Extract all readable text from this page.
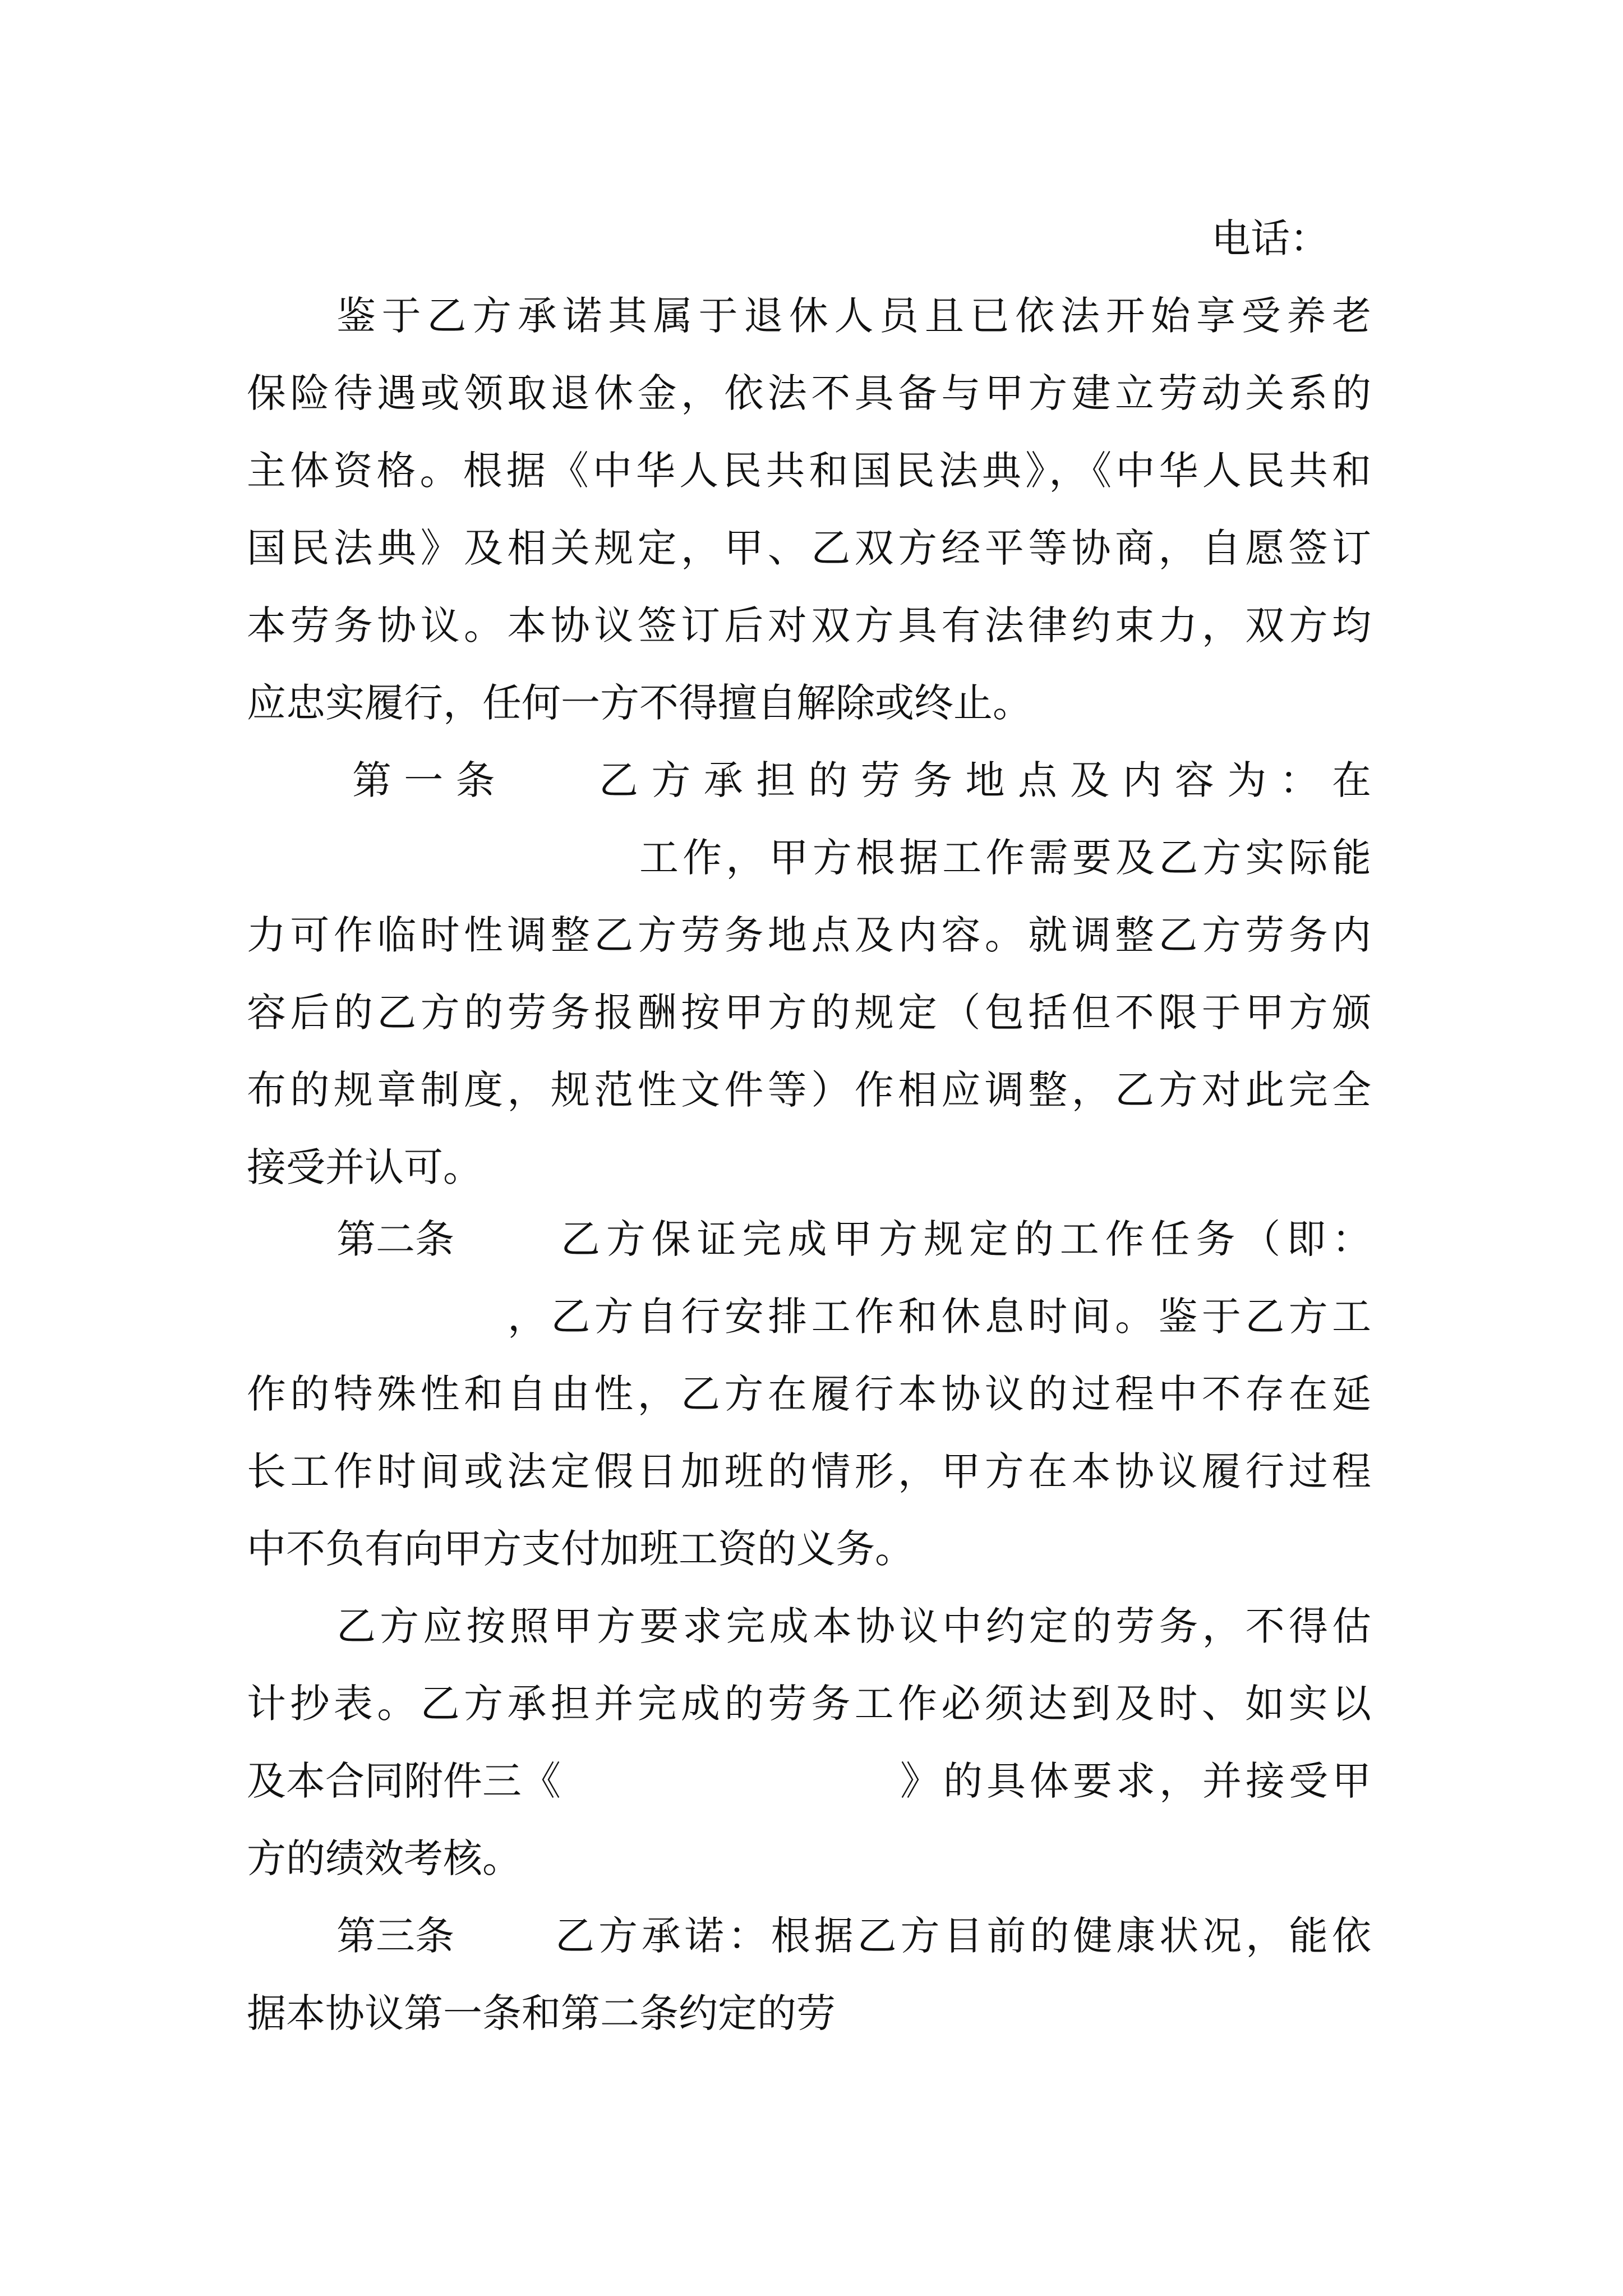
电话：
鉴于乙方承诺其属于退休人员且已依法开始享受养老
保险待遇或领取退休金，依法不具备与甲方建立劳动关系的
主体资格。根据《中华人民共和国民法典》，《中华人民共和
国民法典》及相关规定，甲、乙双方经平等协商，自愿签订
本劳务协议。本协议签订后对双方具有法律约束力，双方均
应忠实履行，任何一方不得擅自解除或终止。
第 一 条	乙 方 承 担 的 劳 务 地 点 及 内 容 为 ： 在
工作，甲方根据工作需要及乙方实际能
力可作临时性调整乙方劳务地点及内容。就调整乙方劳务内
容后的乙方的劳务报酬按甲方的规定（包括但不限于甲方颁
布的规章制度，规范性文件等）作相应调整，乙方对此完全
接受并认可。
第二条	乙方保证完成甲方规定的工作任务（即：
，乙方自行安排工作和休息时间。鉴于乙方工
作的特殊性和自由性，乙方在履行本协议的过程中不存在延
长工作时间或法定假日加班的情形，甲方在本协议履行过程
中不负有向甲方支付加班工资的义务。
乙方应按照甲方要求完成本协议中约定的劳务，不得估
计抄表。乙方承担并完成的劳务工作必须达到及时、如实以
及本合同附件三《	》的具体要求，并接受甲
方的绩效考核。
第三条	乙方承诺：根据乙方目前的健康状况，能依
据本协议第一条和第二条约定的劳
